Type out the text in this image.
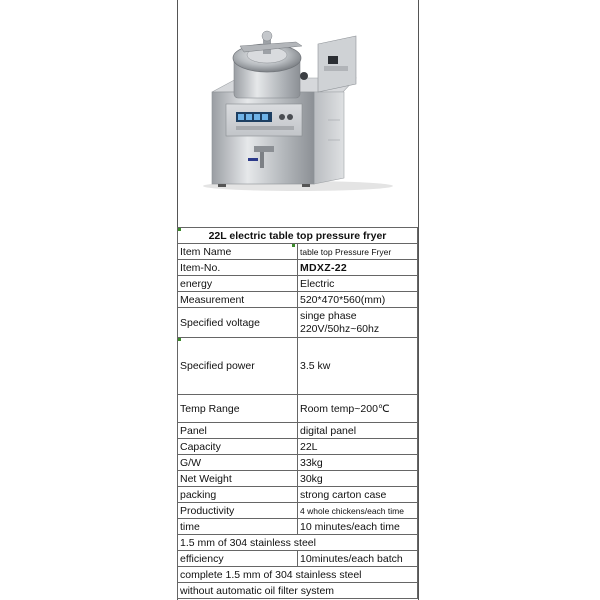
22L electric table top pressure fryer	
Item Name	table top Pressure Fryer
Item-No.	MDXZ-22
energy	Electric
Measurement	520*470*560(mm)
Specified voltage	singe phase
220V/50hz~60hz

Specified power	3.5 kw
Temp Range	Room temp~200℃
Panel	digital panel
Capacity	22L
G/W	33kg
Net Weight	30kg
packing	strong carton case
Productivity	4 whole chickens/each time
time	10 minutes/each time
1.5 mm of 304 stainless steel	
efficiency	10minutes/each batch
complete 1.5 mm of 304 stainless steel	
without automatic oil filter system	
